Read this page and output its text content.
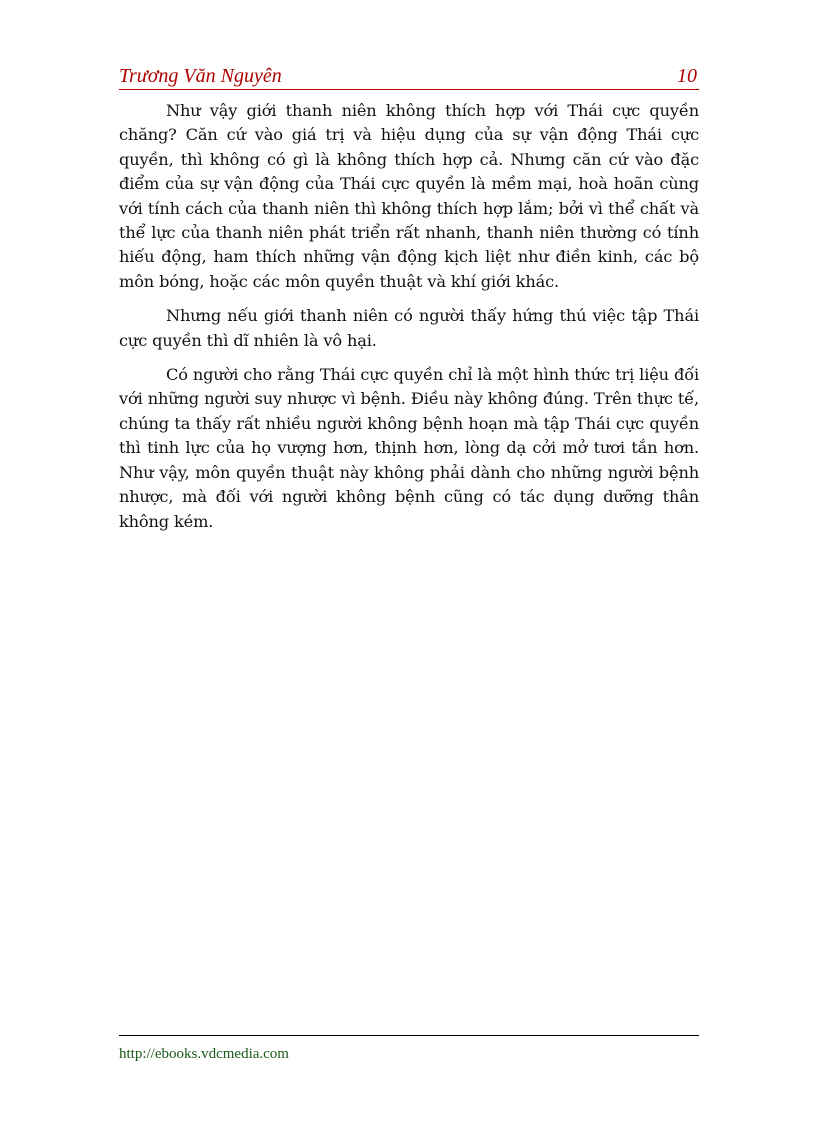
Trương Văn Nguyên	10

Như vậy giới thanh niên không thích hợp với Thái cực quyền chăng? Căn cứ vào giá trị và hiệu dụng của sự vận động Thái cực quyền, thì không có gì là không thích hợp cả. Nhưng căn cứ vào đặc điểm của sự vận động của Thái cực quyền là mềm mại, hoà hoãn cùng với tính cách của thanh niên thì không thích hợp lắm; bởi vì thể chất và thể lực của thanh niên phát triển rất nhanh, thanh niên thường có tính hiếu động, ham thích những vận động kịch liệt như điền kinh, các bộ môn bóng, hoặc các môn quyền thuật và khí giới khác.

Nhưng nếu giới thanh niên có người thấy hứng thú việc tập Thái cực quyền thì dĩ nhiên là vô hại.

Có người cho rằng Thái cực quyền chỉ là một hình thức trị liệu đối với những người suy nhược vì bệnh. Điều này không đúng. Trên thực tế, chúng ta thấy rất nhiều người không bệnh hoạn mà tập Thái cực quyền thì tinh lực của họ vượng hơn, thịnh hơn, lòng dạ cởi mở tươi tắn hơn. Như vậy, môn quyền thuật này không phải dành cho những người bệnh nhược, mà đối với người không bệnh cũng có tác dụng dưỡng thân không kém.

http://ebooks.vdcmedia.com
